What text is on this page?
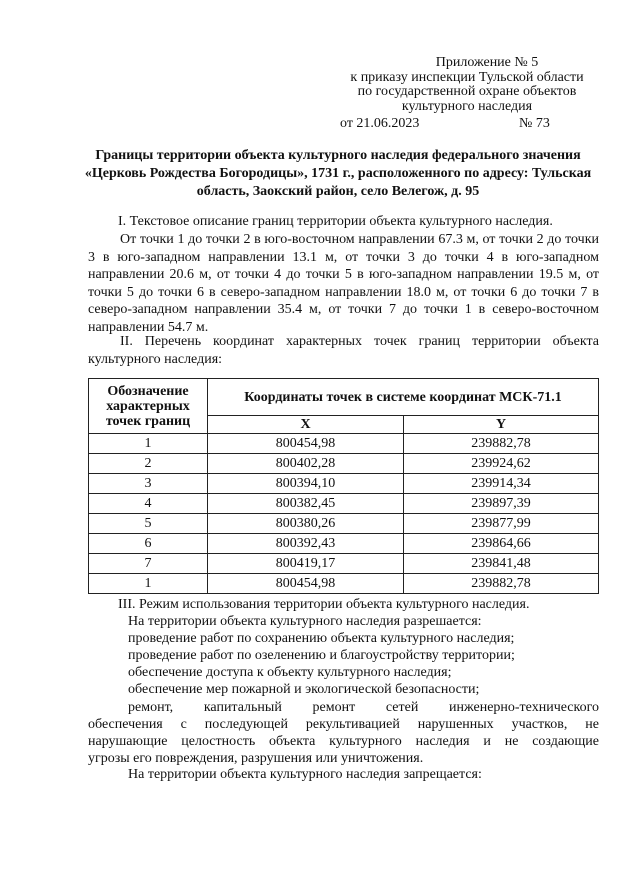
Приложение № 5
к приказу инспекции Тульской области
по государственной охране объектов
культурного наследия
от 21.06.2023	№ 73
Границы территории объекта культурного наследия федерального значения «Церковь Рождества Богородицы», 1731 г., расположенного по адресу: Тульская область, Заокский район, село Велегож, д. 95
I. Текстовое описание границ территории объекта культурного наследия.
От точки 1 до точки 2 в юго-восточном направлении 67.3 м, от точки 2 до точки 3 в юго-западном направлении 13.1 м, от точки 3 до точки 4 в юго-западном направлении 20.6 м, от точки 4 до точки 5 в юго-западном направлении 19.5 м, от точки 5 до точки 6 в северо-западном направлении 18.0 м, от точки 6 до точки 7 в северо-западном направлении 35.4 м, от точки 7 до точки 1 в северо-восточном направлении 54.7 м.
II. Перечень координат характерных точек границ территории объекта культурного наследия:
Обозначение характерных точек границ	Координаты точек в системе координат МСК-71.1	
	X	Y
1	800454,98	239882,78
2	800402,28	239924,62
3	800394,10	239914,34
4	800382,45	239897,39
5	800380,26	239877,99
6	800392,43	239864,66
7	800419,17	239841,48
1	800454,98	239882,78
III. Режим использования территории объекта культурного наследия.
На территории объекта культурного наследия разрешается:
проведение работ по сохранению объекта культурного наследия;
проведение работ по озеленению и благоустройству территории;
обеспечение доступа к объекту культурного наследия;
обеспечение мер пожарной и экологической безопасности;
ремонт, капитальный ремонт сетей инженерно-технического
обеспечения с последующей рекультивацией нарушенных участков, не
нарушающие целостность объекта культурного наследия и не создающие
угрозы его повреждения, разрушения или уничтожения.
На территории объекта культурного наследия запрещается:
